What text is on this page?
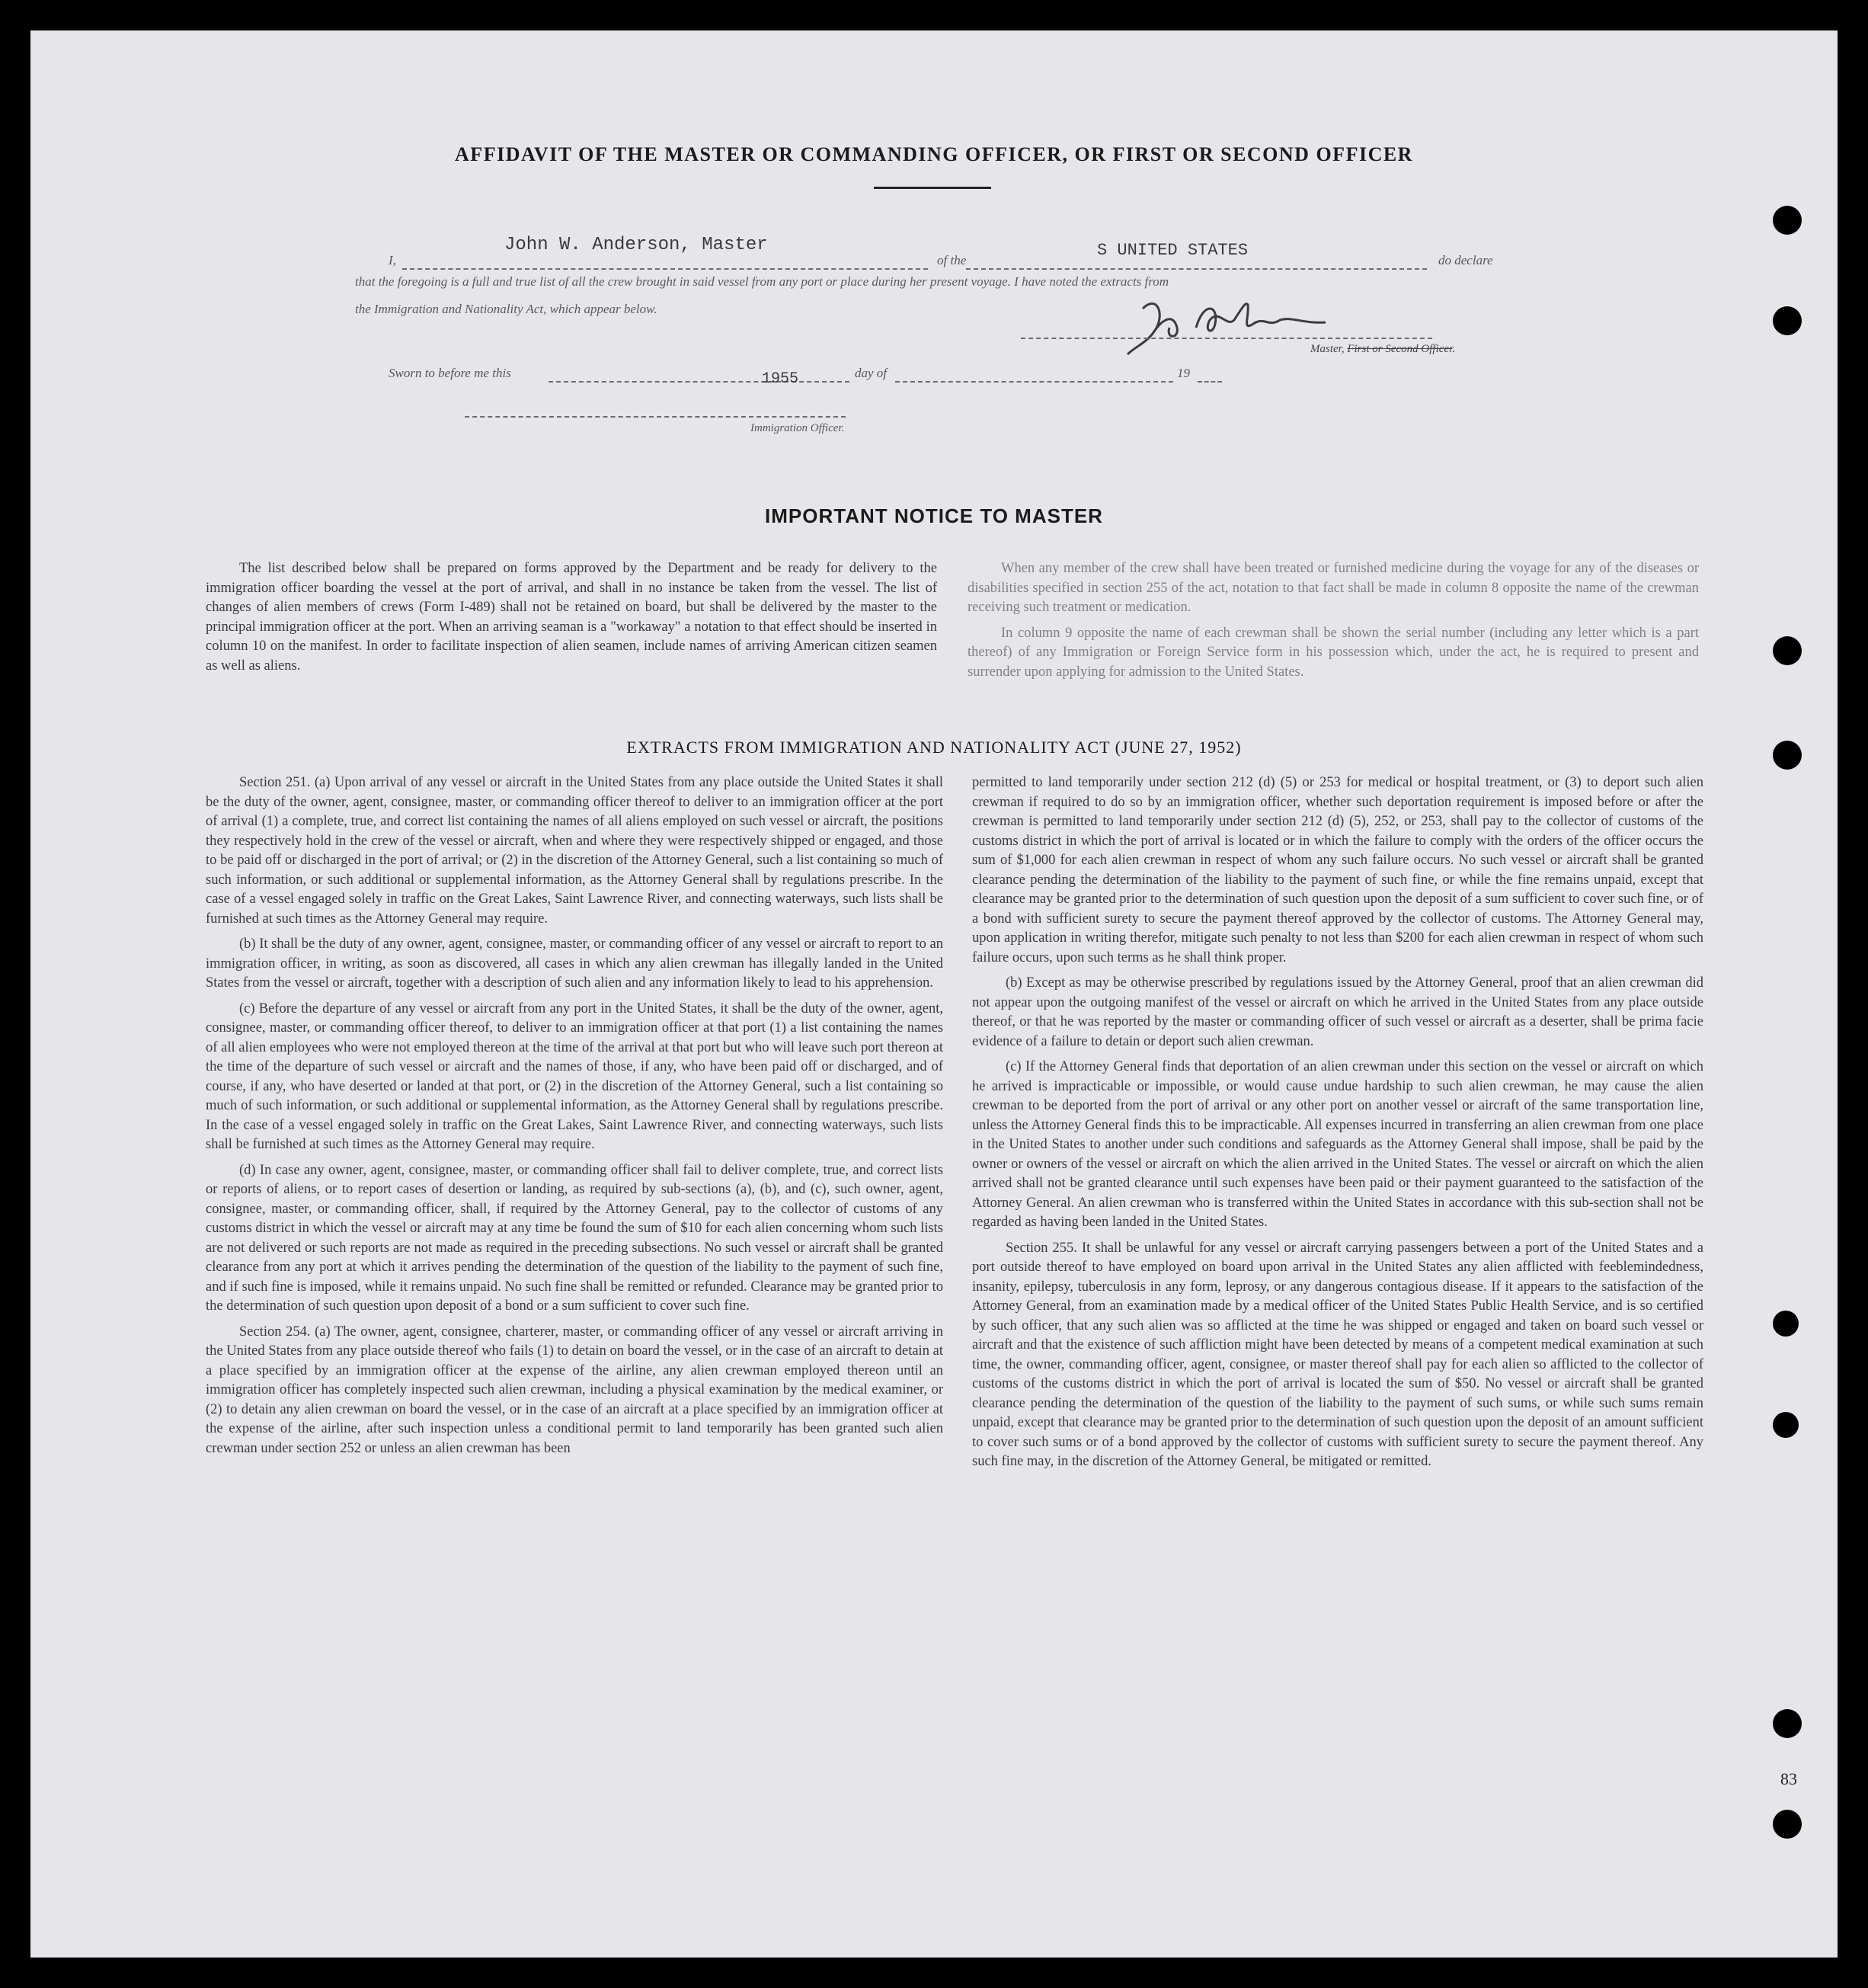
AFFIDAVIT OF THE MASTER OR COMMANDING OFFICER, OR FIRST OR SECOND OFFICER
I,
John W. Anderson, Master
of the
S UNITED STATES
do declare
that the foregoing is a full and true list of all the crew brought in said vessel from any port or place during her present voyage. I have noted the extracts from
the Immigration and Nationality Act, which appear below.
Master, First or Second Officer.
Sworn to before me this	1955	day of	19
Immigration Officer.
IMPORTANT NOTICE TO MASTER

The list described below shall be prepared on forms approved by the Department and be ready for delivery to the immigration officer boarding the vessel at the port of arrival, and shall in no instance be taken from the vessel. The list of changes of alien members of crews (Form I-489) shall not be retained on board, but shall be delivered by the master to the principal immigration officer at the port. When an arriving seaman is a "workaway" a notation to that effect should be inserted in column 10 on the manifest. In order to facilitate inspection of alien seamen, include names of arriving American citizen seamen as well as aliens.

When any member of the crew shall have been treated or furnished medicine during the voyage for any of the diseases or disabilities specified in section 255 of the act, notation to that fact shall be made in column 8 opposite the name of the crewman receiving such treatment or medication.

In column 9 opposite the name of each crewman shall be shown the serial number (including any letter which is a part thereof) of any Immigration or Foreign Service form in his possession which, under the act, he is required to present and surrender upon applying for admission to the United States.

EXTRACTS FROM IMMIGRATION AND NATIONALITY ACT (JUNE 27, 1952)

Section 251. (a) Upon arrival of any vessel or aircraft in the United States from any place outside the United States it shall be the duty of the owner, agent, consignee, master, or commanding officer thereof to deliver to an immigration officer at the port of arrival (1) a complete, true, and correct list containing the names of all aliens employed on such vessel or aircraft, the positions they respectively hold in the crew of the vessel or aircraft, when and where they were respectively shipped or engaged, and those to be paid off or discharged in the port of arrival; or (2) in the discretion of the Attorney General, such a list containing so much of such information, or such additional or supplemental information, as the Attorney General shall by regulations prescribe. In the case of a vessel engaged solely in traffic on the Great Lakes, Saint Lawrence River, and connecting waterways, such lists shall be furnished at such times as the Attorney General may require.

(b) It shall be the duty of any owner, agent, consignee, master, or commanding officer of any vessel or aircraft to report to an immigration officer, in writing, as soon as discovered, all cases in which any alien crewman has illegally landed in the United States from the vessel or aircraft, together with a description of such alien and any information likely to lead to his apprehension.

(c) Before the departure of any vessel or aircraft from any port in the United States, it shall be the duty of the owner, agent, consignee, master, or commanding officer thereof, to deliver to an immigration officer at that port (1) a list containing the names of all alien employees who were not employed thereon at the time of the arrival at that port but who will leave such port thereon at the time of the departure of such vessel or aircraft and the names of those, if any, who have been paid off or discharged, and of course, if any, who have deserted or landed at that port, or (2) in the discretion of the Attorney General, such a list containing so much of such information, or such additional or supplemental information, as the Attorney General shall by regulations prescribe. In the case of a vessel engaged solely in traffic on the Great Lakes, Saint Lawrence River, and connecting waterways, such lists shall be furnished at such times as the Attorney General may require.

(d) In case any owner, agent, consignee, master, or commanding officer shall fail to deliver complete, true, and correct lists or reports of aliens, or to report cases of desertion or landing, as required by sub-sections (a), (b), and (c), such owner, agent, consignee, master, or commanding officer, shall, if required by the Attorney General, pay to the collector of customs of any customs district in which the vessel or aircraft may at any time be found the sum of $10 for each alien concerning whom such lists are not delivered or such reports are not made as required in the preceding subsections. No such vessel or aircraft shall be granted clearance from any port at which it arrives pending the determination of the question of the liability to the payment of such fine, and if such fine is imposed, while it remains unpaid. No such fine shall be remitted or refunded. Clearance may be granted prior to the determination of such question upon deposit of a bond or a sum sufficient to cover such fine.

Section 254. (a) The owner, agent, consignee, charterer, master, or commanding officer of any vessel or aircraft arriving in the United States from any place outside thereof who fails (1) to detain on board the vessel, or in the case of an aircraft to detain at a place specified by an immigration officer at the expense of the airline, any alien crewman employed thereon until an immigration officer has completely inspected such alien crewman, including a physical examination by the medical examiner, or (2) to detain any alien crewman on board the vessel, or in the case of an aircraft at a place specified by an immigration officer at the expense of the airline, after such inspection unless a conditional permit to land temporarily has been granted such alien crewman under section 252 or unless an alien crewman has been

permitted to land temporarily under section 212 (d) (5) or 253 for medical or hospital treatment, or (3) to deport such alien crewman if required to do so by an immigration officer, whether such deportation requirement is imposed before or after the crewman is permitted to land temporarily under section 212 (d) (5), 252, or 253, shall pay to the collector of customs of the customs district in which the port of arrival is located or in which the failure to comply with the orders of the officer occurs the sum of $1,000 for each alien crewman in respect of whom any such failure occurs. No such vessel or aircraft shall be granted clearance pending the determination of the liability to the payment of such fine, or while the fine remains unpaid, except that clearance may be granted prior to the determination of such question upon the deposit of a sum sufficient to cover such fine, or of a bond with sufficient surety to secure the payment thereof approved by the collector of customs. The Attorney General may, upon application in writing therefor, mitigate such penalty to not less than $200 for each alien crewman in respect of whom such failure occurs, upon such terms as he shall think proper.

(b) Except as may be otherwise prescribed by regulations issued by the Attorney General, proof that an alien crewman did not appear upon the outgoing manifest of the vessel or aircraft on which he arrived in the United States from any place outside thereof, or that he was reported by the master or commanding officer of such vessel or aircraft as a deserter, shall be prima facie evidence of a failure to detain or deport such alien crewman.

(c) If the Attorney General finds that deportation of an alien crewman under this section on the vessel or aircraft on which he arrived is impracticable or impossible, or would cause undue hardship to such alien crewman, he may cause the alien crewman to be deported from the port of arrival or any other port on another vessel or aircraft of the same transportation line, unless the Attorney General finds this to be impracticable. All expenses incurred in transferring an alien crewman from one place in the United States to another under such conditions and safeguards as the Attorney General shall impose, shall be paid by the owner or owners of the vessel or aircraft on which the alien arrived in the United States. The vessel or aircraft on which the alien arrived shall not be granted clearance until such expenses have been paid or their payment guaranteed to the satisfaction of the Attorney General. An alien crewman who is transferred within the United States in accordance with this sub-section shall not be regarded as having been landed in the United States.

Section 255. It shall be unlawful for any vessel or aircraft carrying passengers between a port of the United States and a port outside thereof to have employed on board upon arrival in the United States any alien afflicted with feeblemindedness, insanity, epilepsy, tuberculosis in any form, leprosy, or any dangerous contagious disease. If it appears to the satisfaction of the Attorney General, from an examination made by a medical officer of the United States Public Health Service, and is so certified by such officer, that any such alien was so afflicted at the time he was shipped or engaged and taken on board such vessel or aircraft and that the existence of such affliction might have been detected by means of a competent medical examination at such time, the owner, commanding officer, agent, consignee, or master thereof shall pay for each alien so afflicted to the collector of customs of the customs district in which the port of arrival is located the sum of $50. No vessel or aircraft shall be granted clearance pending the determination of the question of the liability to the payment of such sums, or while such sums remain unpaid, except that clearance may be granted prior to the determination of such question upon the deposit of an amount sufficient to cover such sums or of a bond approved by the collector of customs with sufficient surety to secure the payment thereof. Any such fine may, in the discretion of the Attorney General, be mitigated or remitted.

83
